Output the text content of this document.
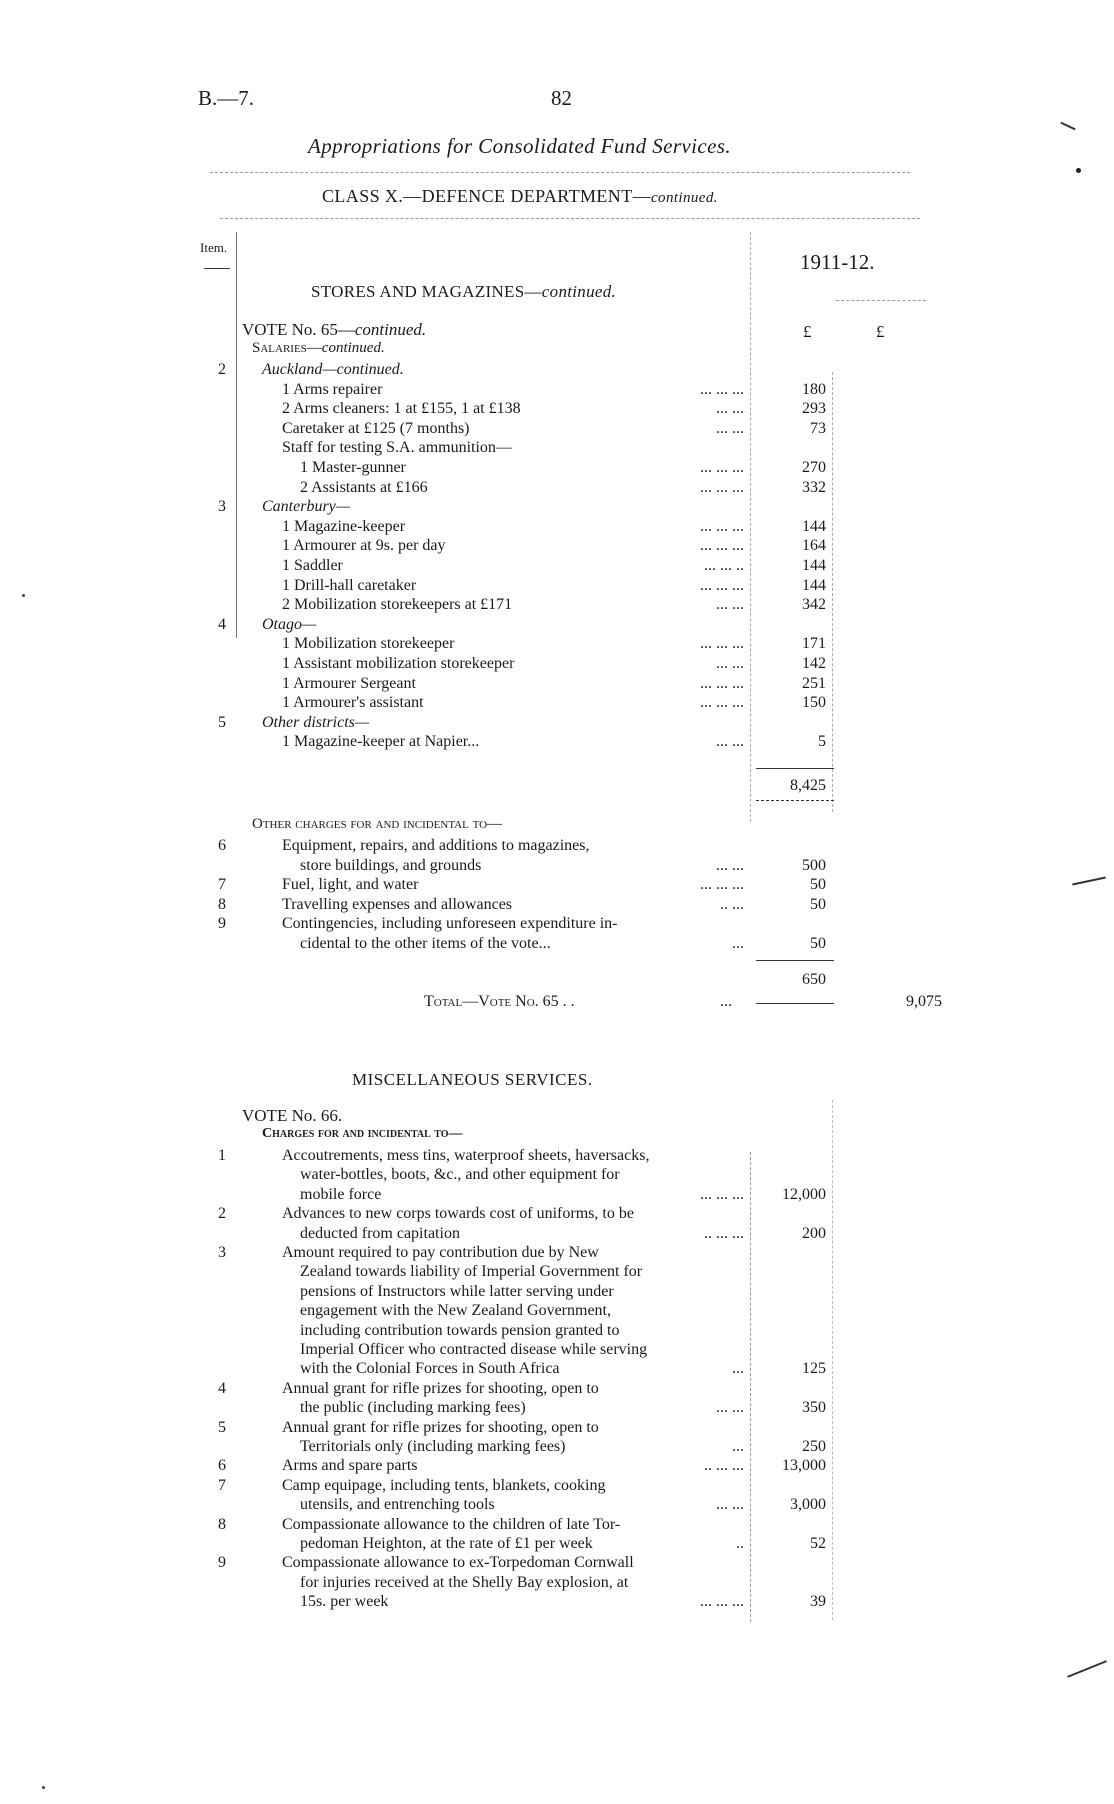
B.—7.	82
Appropriations for Consolidated Fund Services.
CLASS X.—DEFENCE DEPARTMENT—continued.
Item.
1911-12.
STORES AND MAGAZINES—continued.
VOTE No. 65—continued.	£	£
Salaries—continued.
2	Auckland—continued.
1 Arms repairer	... ... ...	180
2 Arms cleaners: 1 at £155, 1 at £138	... ...	293
Caretaker at £125 (7 months)	... ...	73
Staff for testing S.A. ammunition—
1 Master-gunner	... ... ...	270
2 Assistants at £166	... ... ...	332
3	Canterbury—
1 Magazine-keeper	... ... ...	144
1 Armourer at 9s. per day	... ... ...	164
1 Saddler	... ... ..	144
1 Drill-hall caretaker	... ... ...	144
2 Mobilization storekeepers at £171	... ...	342
4	Otago—
1 Mobilization storekeeper	... ... ...	171
1 Assistant mobilization storekeeper	... ...	142
1 Armourer Sergeant	... ... ...	251
1 Armourer's assistant	... ... ...	150
5	Other districts—
1 Magazine-keeper at Napier...	... ...	5
8,425
Other charges for and incidental to—
6	Equipment, repairs, and additions to magazines,
store buildings, and grounds	... ...	500
7	Fuel, light, and water	... ... ...	50
8	Travelling expenses and allowances	.. ...	50
9	Contingencies, including unforeseen expenditure in-
cidental to the other items of the vote...	...	50
650
Total—Vote No. 65 . .	...	9,075
MISCELLANEOUS SERVICES.
VOTE No. 66.
Charges for and incidental to—
1	Accoutrements, mess tins, waterproof sheets, haversacks,
water-bottles, boots, &c., and other equipment for
mobile force	... ... ...	12,000
2	Advances to new corps towards cost of uniforms, to be
deducted from capitation	.. ... ...	200
3	Amount required to pay contribution due by New
Zealand towards liability of Imperial Government for
pensions of Instructors while latter serving under
engagement with the New Zealand Government,
including contribution towards pension granted to
Imperial Officer who contracted disease while serving
with the Colonial Forces in South Africa	...	125
4	Annual grant for rifle prizes for shooting, open to
the public (including marking fees)	... ...	350
5	Annual grant for rifle prizes for shooting, open to
Territorials only (including marking fees)	...	250
6	Arms and spare parts	.. ... ...	13,000
7	Camp equipage, including tents, blankets, cooking
utensils, and entrenching tools	... ...	3,000
8	Compassionate allowance to the children of late Tor-
pedoman Heighton, at the rate of £1 per week	..	52
9	Compassionate allowance to ex-Torpedoman Cornwall
for injuries received at the Shelly Bay explosion, at
15s. per week	... ... ...	39
